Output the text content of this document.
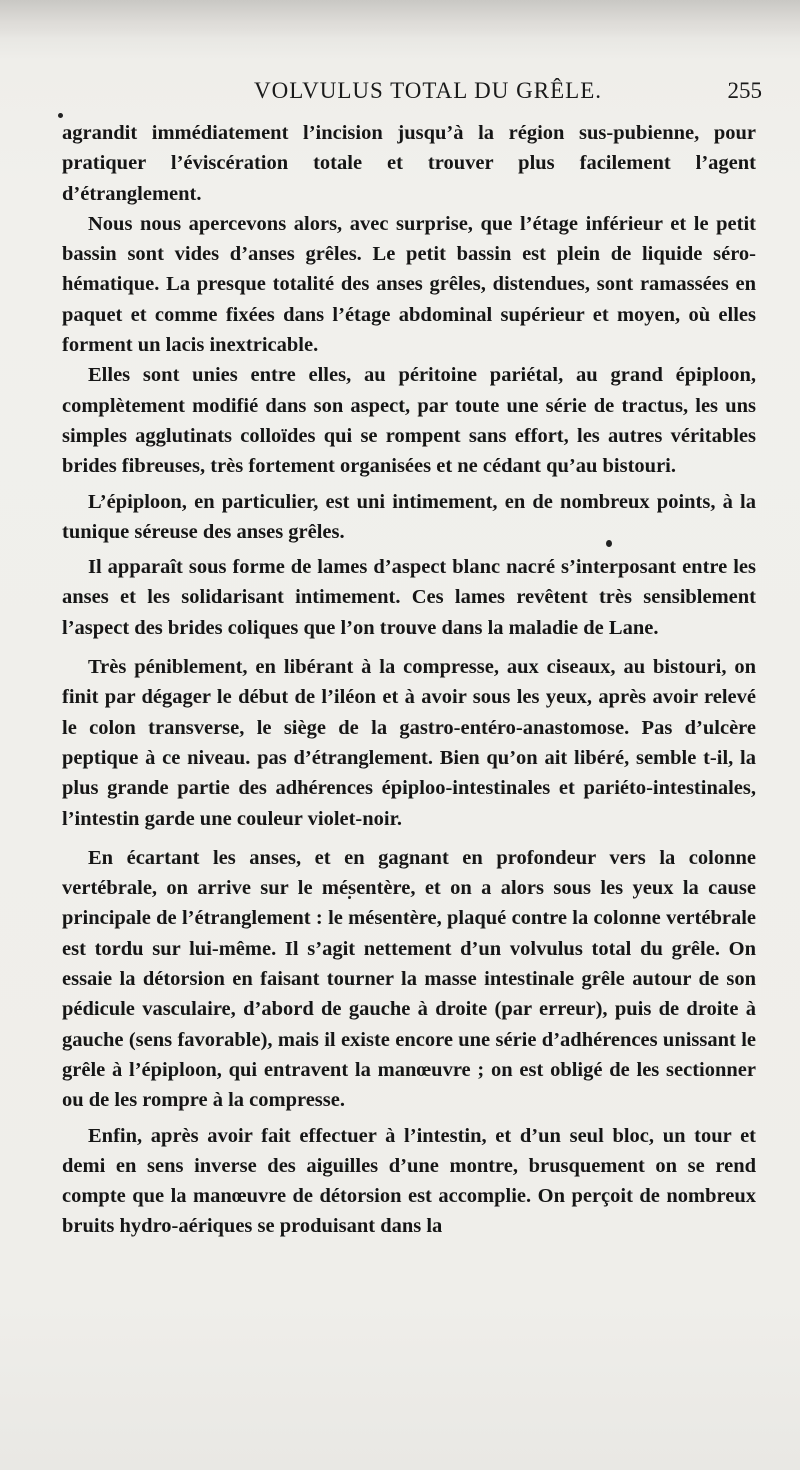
VOLVULUS TOTAL DU GRÊLE.	255

agrandit immédiatement l’incision jusqu’à la région sus-pubienne, pour pratiquer l’éviscération totale et trouver plus facilement l’agent d’étranglement.

Nous nous apercevons alors, avec surprise, que l’étage inférieur et le petit bassin sont vides d’anses grêles. Le petit bassin est plein de liquide séro-hématique. La presque totalité des anses grêles, distendues, sont ramassées en paquet et comme fixées dans l’étage abdominal supérieur et moyen, où elles forment un lacis inextricable.

Elles sont unies entre elles, au péritoine pariétal, au grand épiploon, complètement modifié dans son aspect, par toute une série de tractus, les uns simples agglutinats colloïdes qui se rompent sans effort, les autres véritables brides fibreuses, très fortement organisées et ne cédant qu’au bistouri.

L’épiploon, en particulier, est uni intimement, en de nombreux points, à la tunique séreuse des anses grêles.

Il apparaît sous forme de lames d’aspect blanc nacré s’interposant entre les anses et les solidarisant intimement. Ces lames revêtent très sensiblement l’aspect des brides coliques que l’on trouve dans la maladie de Lane.

Très péniblement, en libérant à la compresse, aux ciseaux, au bistouri, on finit par dégager le début de l’iléon et à avoir sous les yeux, après avoir relevé le colon transverse, le siège de la gastro-entéro-anastomose. Pas d’ulcère peptique à ce niveau. pas d’étranglement. Bien qu’on ait libéré, semble t-il, la plus grande partie des adhérences épiploo-intestinales et pariéto-intestinales, l’intestin garde une couleur violet-noir.

En écartant les anses, et en gagnant en profondeur vers la colonne vertébrale, on arrive sur le mésentère, et on a alors sous les yeux la cause principale de l’étranglement : le mésentère, plaqué contre la colonne vertébrale est tordu sur lui-même. Il s’agit nettement d’un volvulus total du grêle. On essaie la détorsion en faisant tourner la masse intestinale grêle autour de son pédicule vasculaire, d’abord de gauche à droite (par erreur), puis de droite à gauche (sens favorable), mais il existe encore une série d’adhérences unissant le grêle à l’épiploon, qui entravent la manœuvre ; on est obligé de les sectionner ou de les rompre à la compresse.

Enfin, après avoir fait effectuer à l’intestin, et d’un seul bloc, un tour et demi en sens inverse des aiguilles d’une montre, brusquement on se rend compte que la manœuvre de détorsion est accomplie. On perçoit de nombreux bruits hydro-aériques se produisant dans la
